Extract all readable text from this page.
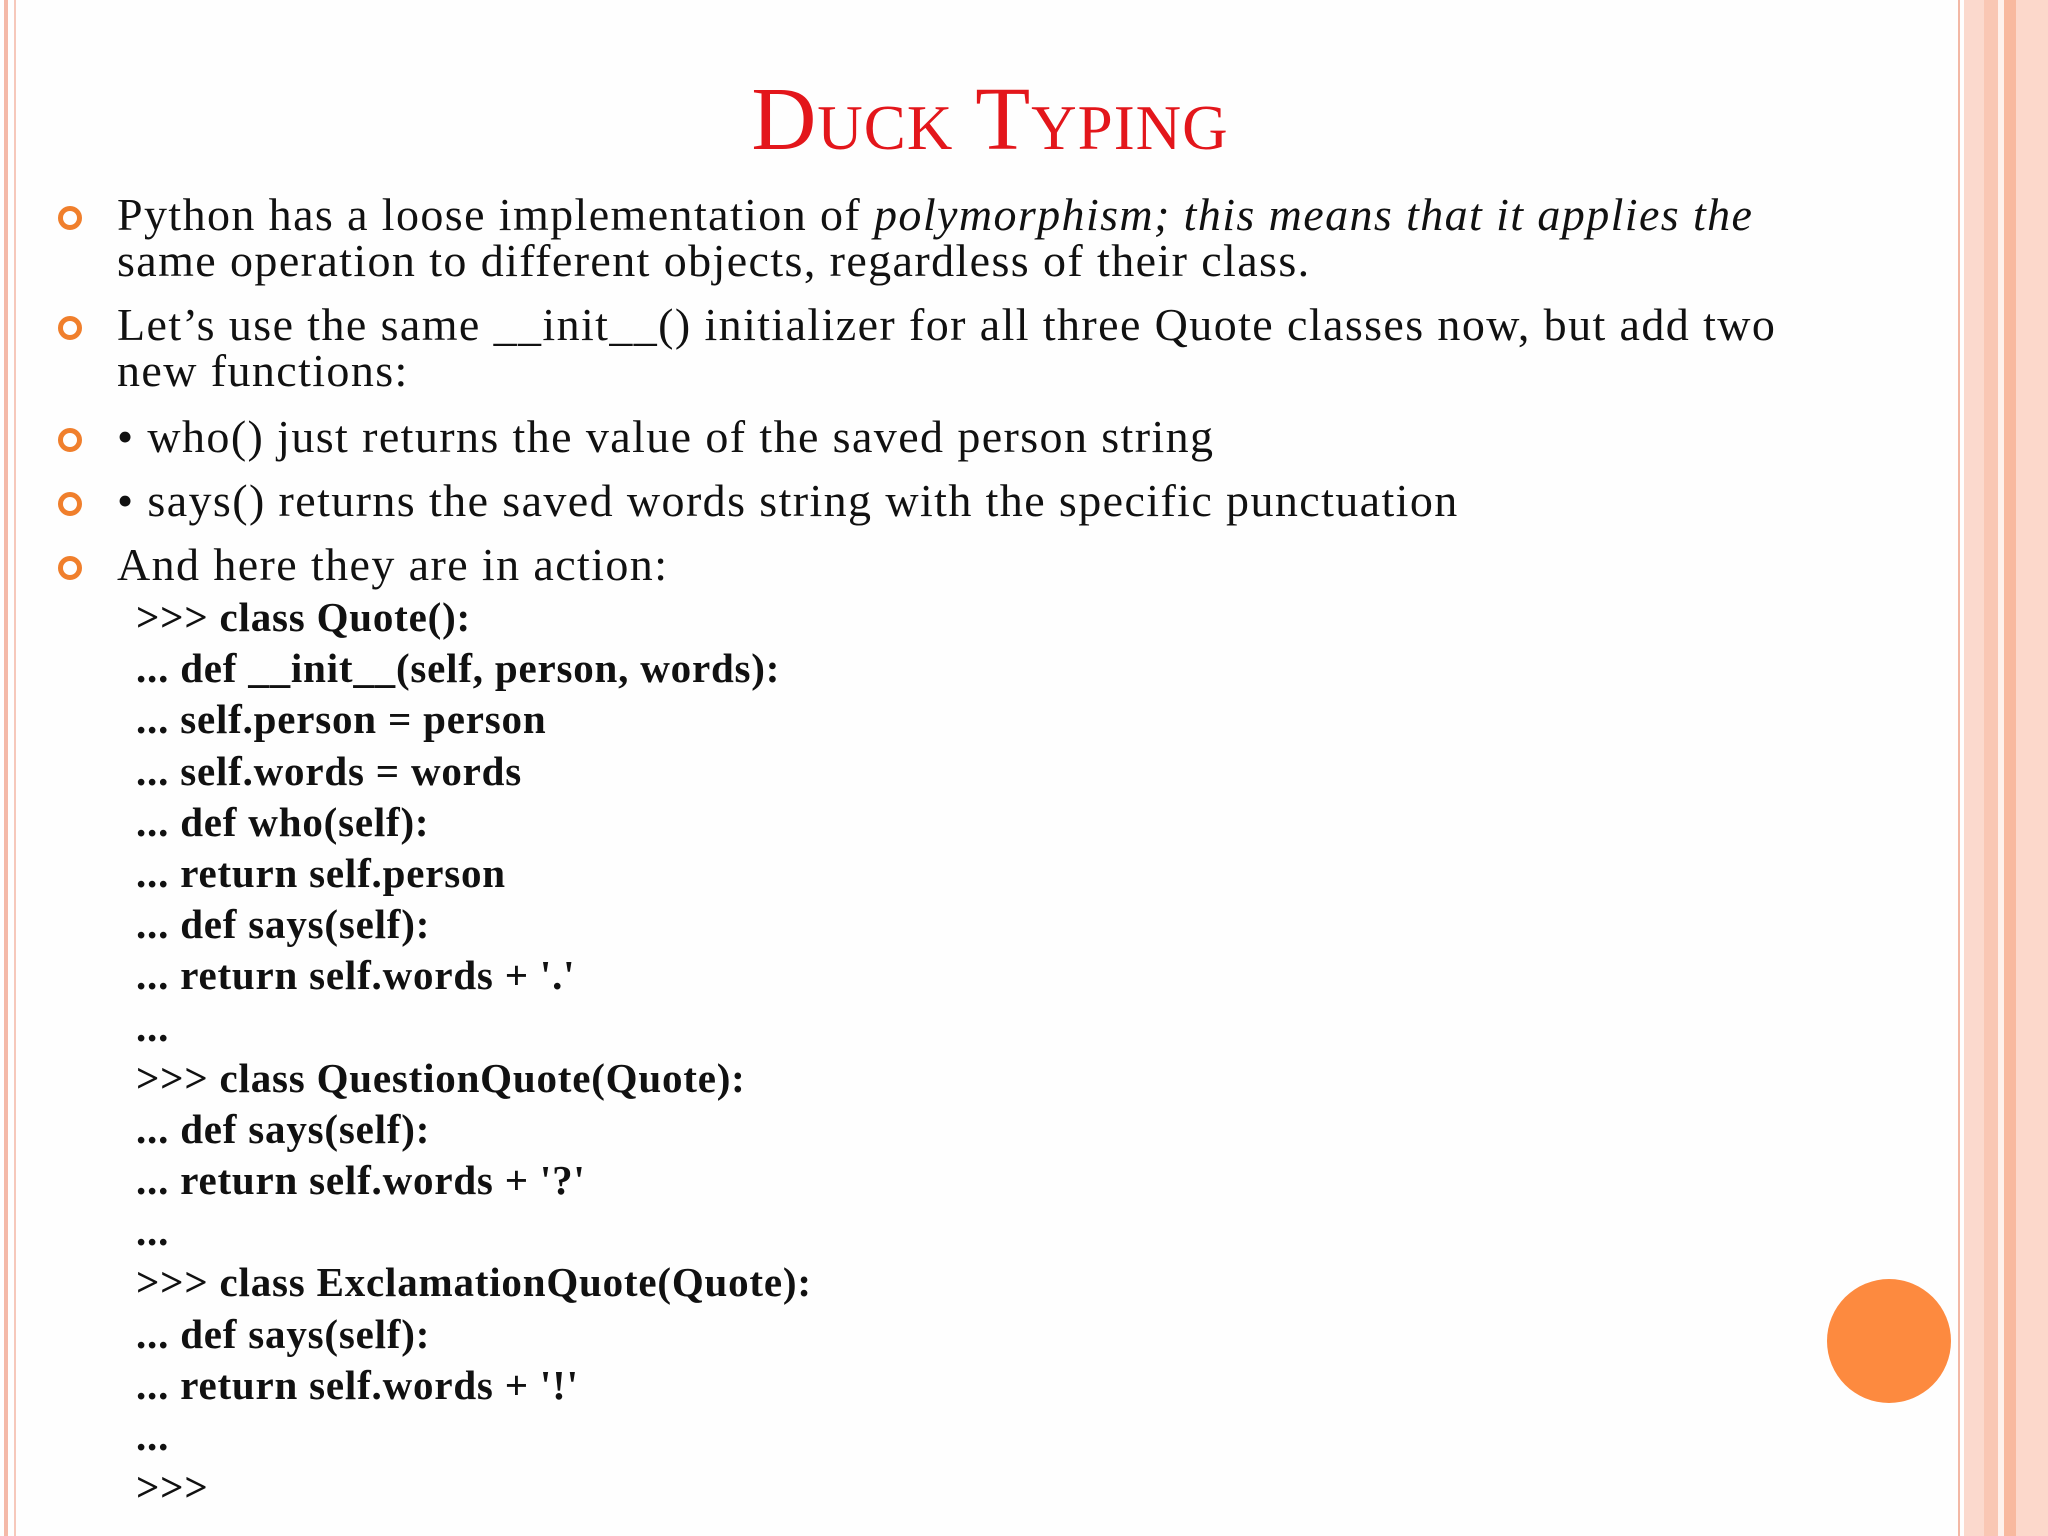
Duck Typing
Python has a loose implementation of polymorphism; this means that it applies the
same operation to different objects, regardless of their class.
Let’s use the same __init__() initializer for all three Quote classes now, but add two
new functions:
• who() just returns the value of the saved person string
• says() returns the saved words string with the specific punctuation
And here they are in action:
>>> class Quote():
... def __init__(self, person, words):
... self.person = person
... self.words = words
... def who(self):
... return self.person
... def says(self):
... return self.words + '.'
...
>>> class QuestionQuote(Quote):
... def says(self):
... return self.words + '?'
...
>>> class ExclamationQuote(Quote):
... def says(self):
... return self.words + '!'
...
>>>
